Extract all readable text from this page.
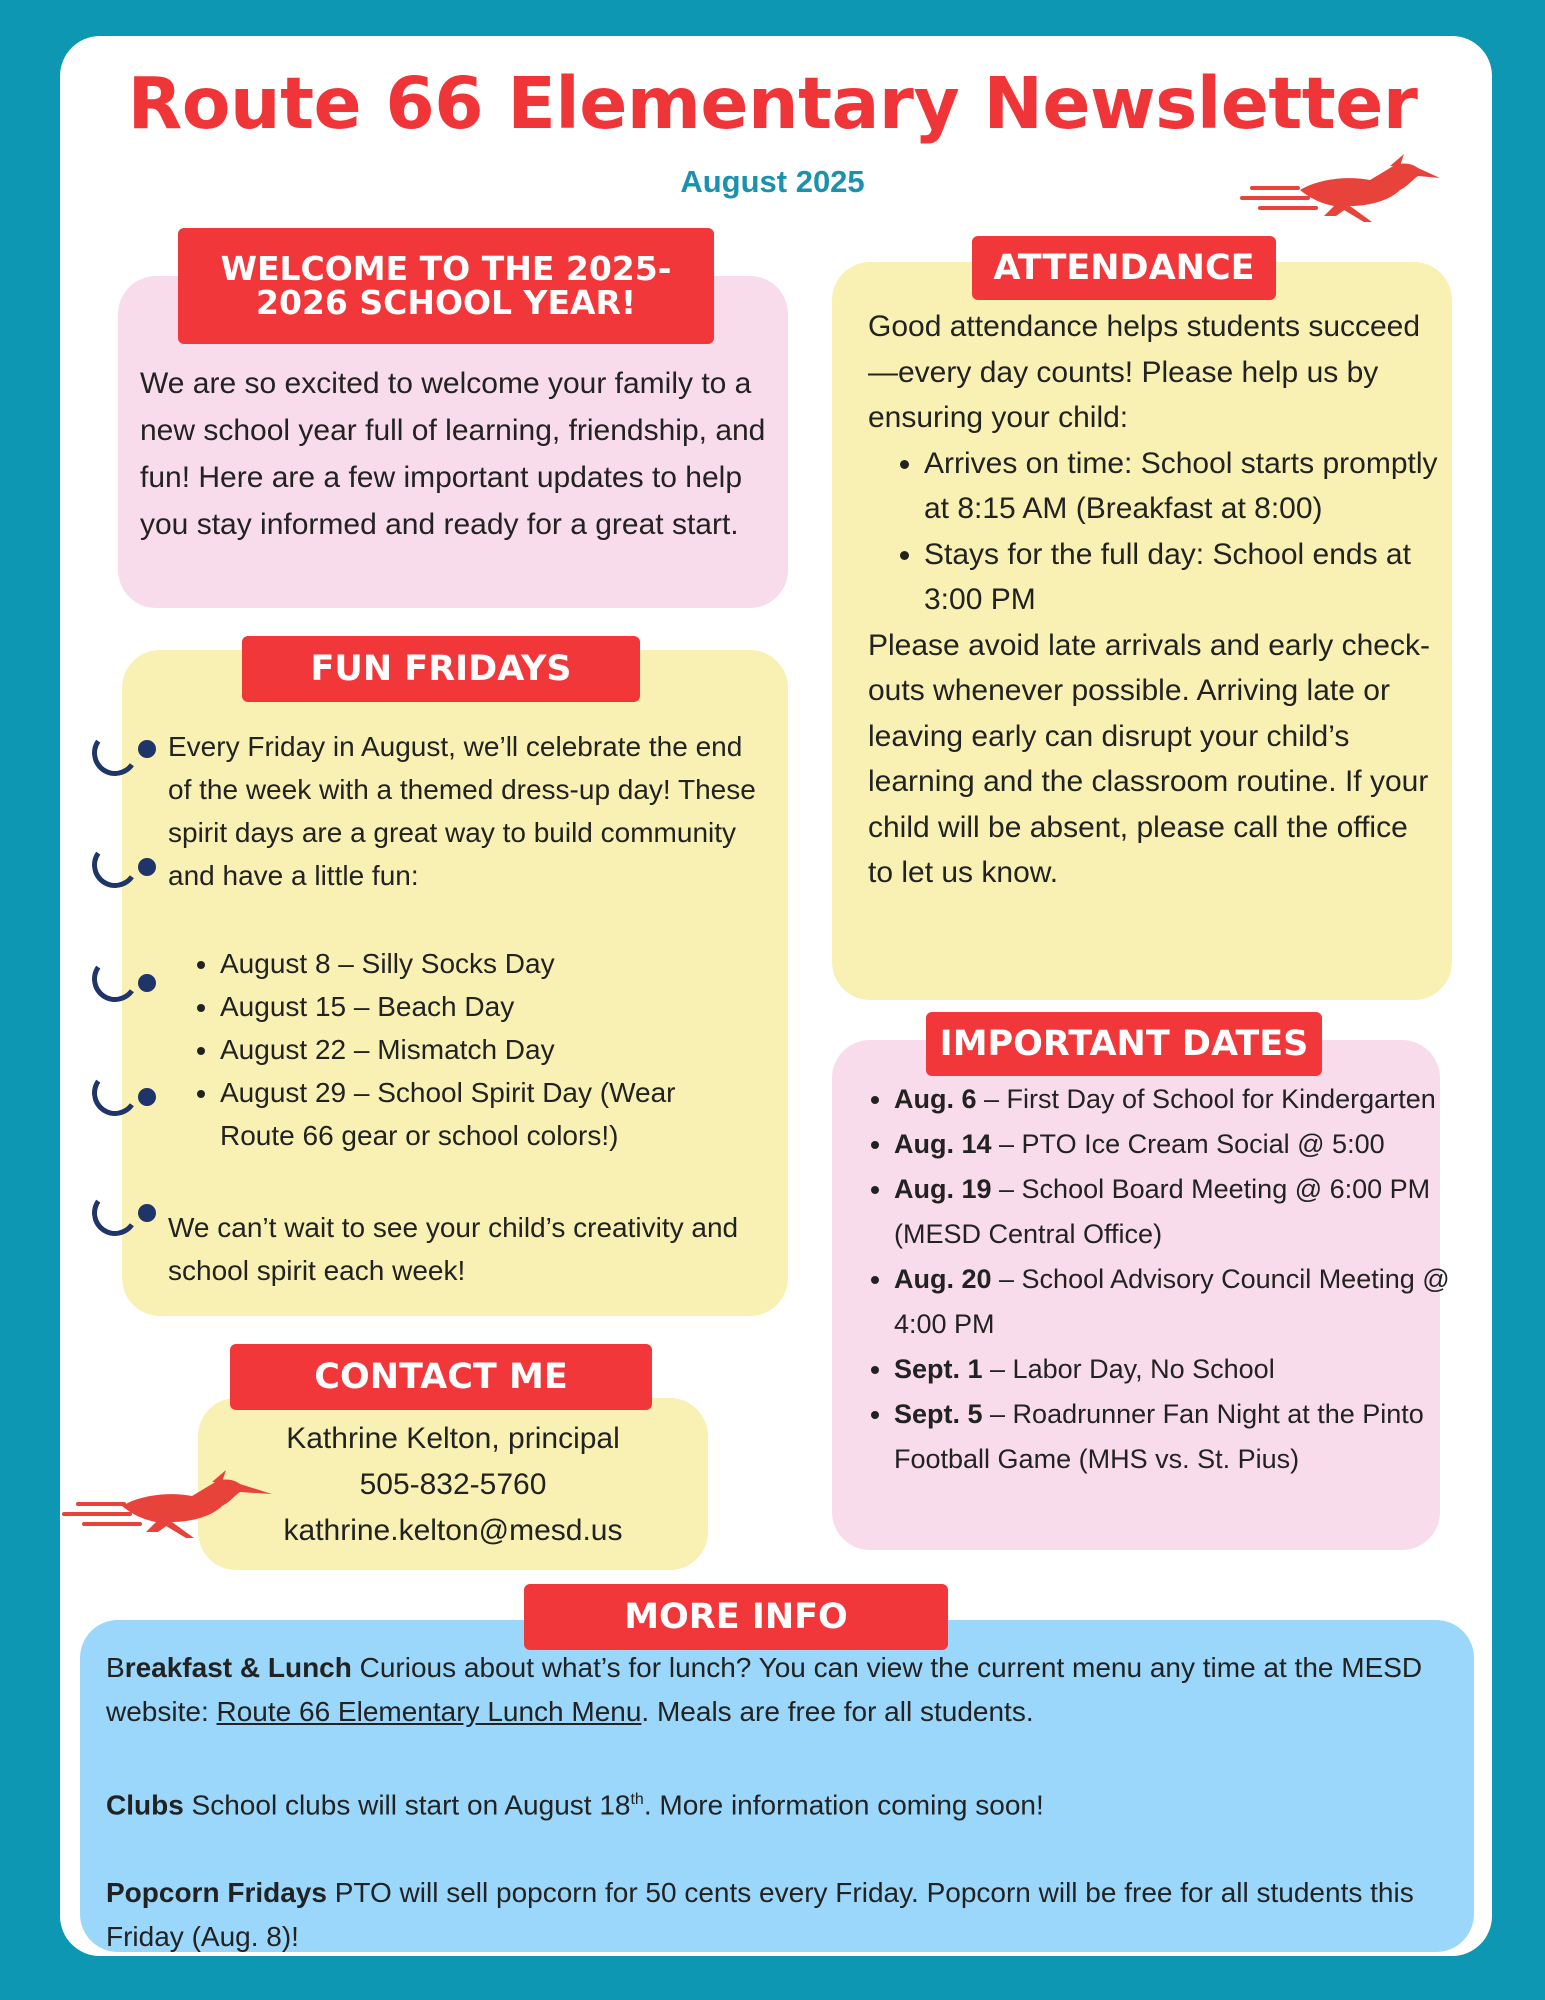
Route 66 Elementary Newsletter
August 2025
WELCOME TO THE 2025-
2026 SCHOOL YEAR!
We are so excited to welcome your family to a new school year full of learning, friendship, and fun! Here are a few important updates to help you stay informed and ready for a great start.
FUN FRIDAYS
Every Friday in August, we’ll celebrate the end of the week with a themed dress-up day! These spirit days are a great way to build community and have a little fun:
• August 8 – Silly Socks Day
• August 15 – Beach Day
• August 22 – Mismatch Day
• August 29 – School Spirit Day (Wear Route 66 gear or school colors!)
We can’t wait to see your child’s creativity and school spirit each week!
CONTACT ME
Kathrine Kelton, principal
505-832-5760
kathrine.kelton@mesd.us
ATTENDANCE
Good attendance helps students succeed—every day counts! Please help us by ensuring your child:
• Arrives on time: School starts promptly at 8:15 AM (Breakfast at 8:00)
• Stays for the full day: School ends at 3:00 PM
Please avoid late arrivals and early check-outs whenever possible. Arriving late or leaving early can disrupt your child’s learning and the classroom routine. If your child will be absent, please call the office to let us know.
IMPORTANT DATES
• Aug. 6 – First Day of School for Kindergarten
• Aug. 14 – PTO Ice Cream Social @ 5:00
• Aug. 19 – School Board Meeting @ 6:00 PM (MESD Central Office)
• Aug. 20 – School Advisory Council Meeting @ 4:00 PM
• Sept. 1 – Labor Day, No School
• Sept. 5 – Roadrunner Fan Night at the Pinto Football Game (MHS vs. St. Pius)
MORE INFO

Breakfast & Lunch Curious about what’s for lunch? You can view the current menu any time at the MESD website: Route 66 Elementary Lunch Menu. Meals are free for all students.

Clubs School clubs will start on August 18th. More information coming soon!

Popcorn Fridays PTO will sell popcorn for 50 cents every Friday. Popcorn will be free for all students this Friday (Aug. 8)!
